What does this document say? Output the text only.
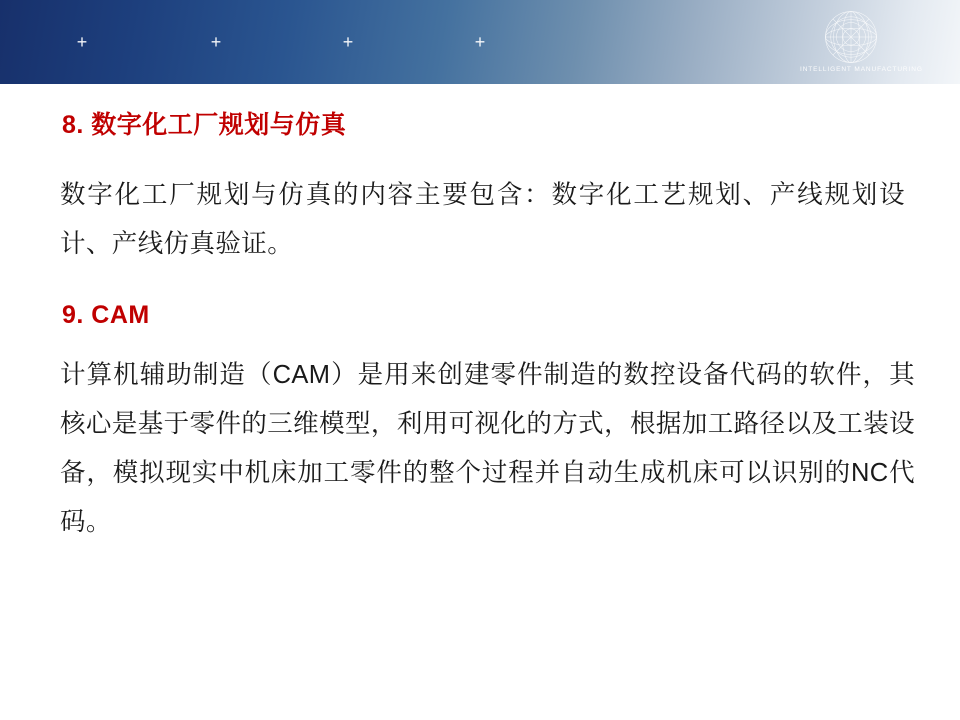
+	+	+	+
INTELLIGENT MANUFACTURING
8. 数字化工厂规划与仿真
数字化工厂规划与仿真的内容主要包含：数字化工艺规划、产线规划设计、产线仿真验证。
9. CAM
计算机辅助制造（CAM）是用来创建零件制造的数控设备代码的软件，其核心是基于零件的三维模型，利用可视化的方式，根据加工路径以及工装设备，模拟现实中机床加工零件的整个过程并自动生成机床可以识别的NC代码。
